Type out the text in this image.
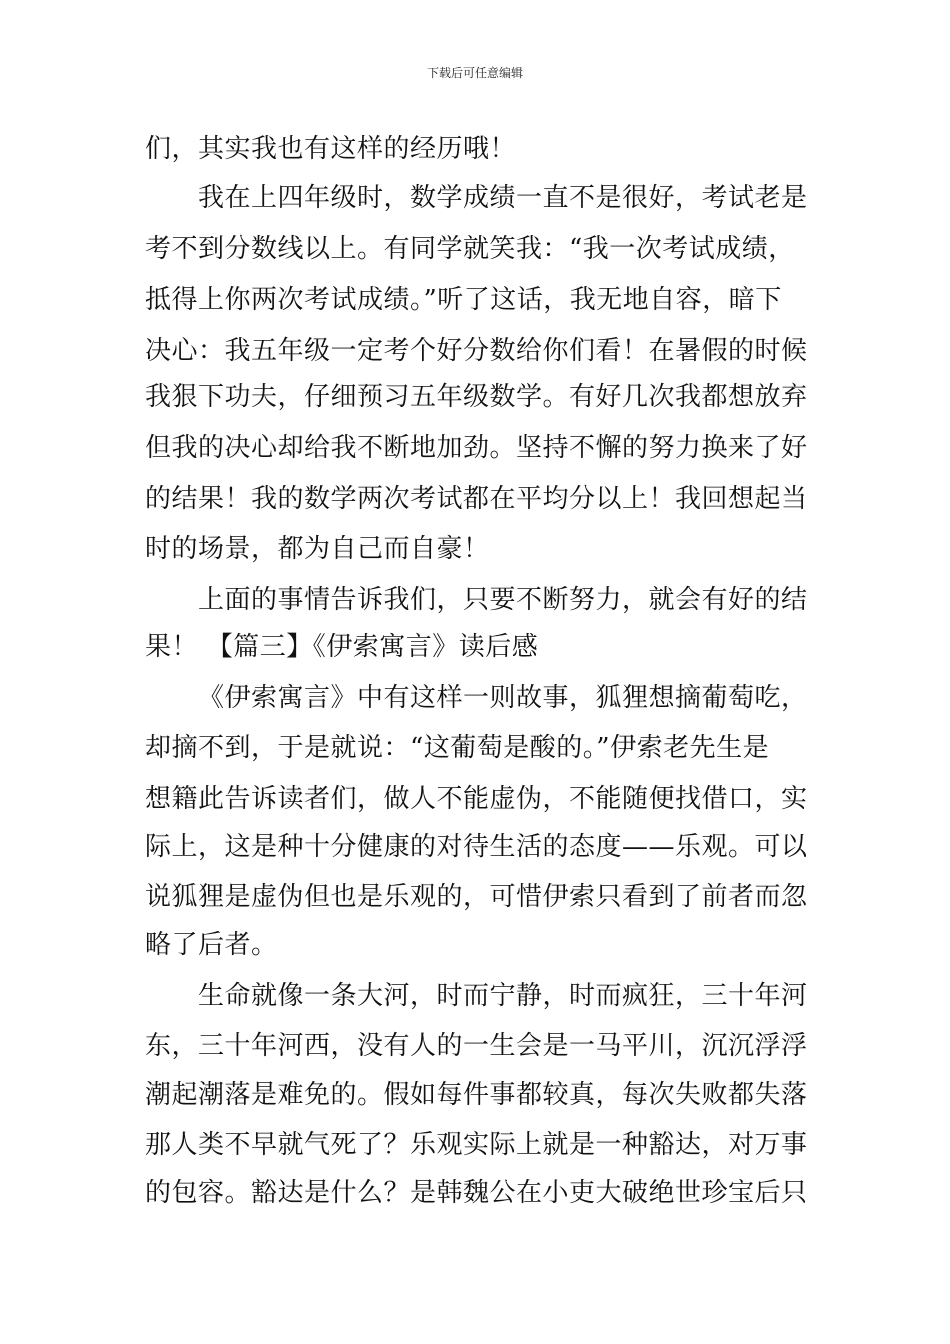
下载后可任意编辑
们，其实我也有这样的经历哦！
我在上四年级时，数学成绩一直不是很好，考试老是
考不到分数线以上。有同学就笑我：“我一次考试成绩，
抵得上你两次考试成绩。”听了这话，我无地自容，暗下
决心：我五年级一定考个好分数给你们看！在暑假的时候
我狠下功夫，仔细预习五年级数学。有好几次我都想放弃
但我的决心却给我不断地加劲。坚持不懈的努力换来了好
的结果！我的数学两次考试都在平均分以上！我回想起当
时的场景，都为自己而自豪！
上面的事情告诉我们，只要不断努力，就会有好的结
果！ 【篇三】《伊索寓言》读后感
《伊索寓言》中有这样一则故事，狐狸想摘葡萄吃，
却摘不到，于是就说：“这葡萄是酸的。”伊索老先生是
想籍此告诉读者们，做人不能虚伪，不能随便找借口，实
际上，这是种十分健康的对待生活的态度——乐观。可以
说狐狸是虚伪但也是乐观的，可惜伊索只看到了前者而忽
略了后者。
生命就像一条大河，时而宁静，时而疯狂，三十年河
东，三十年河西，没有人的一生会是一马平川，沉沉浮浮
潮起潮落是难免的。假如每件事都较真，每次失败都失落
那人类不早就气死了？乐观实际上就是一种豁达，对万事
的包容。豁达是什么？是韩魏公在小吏大破绝世珍宝后只
